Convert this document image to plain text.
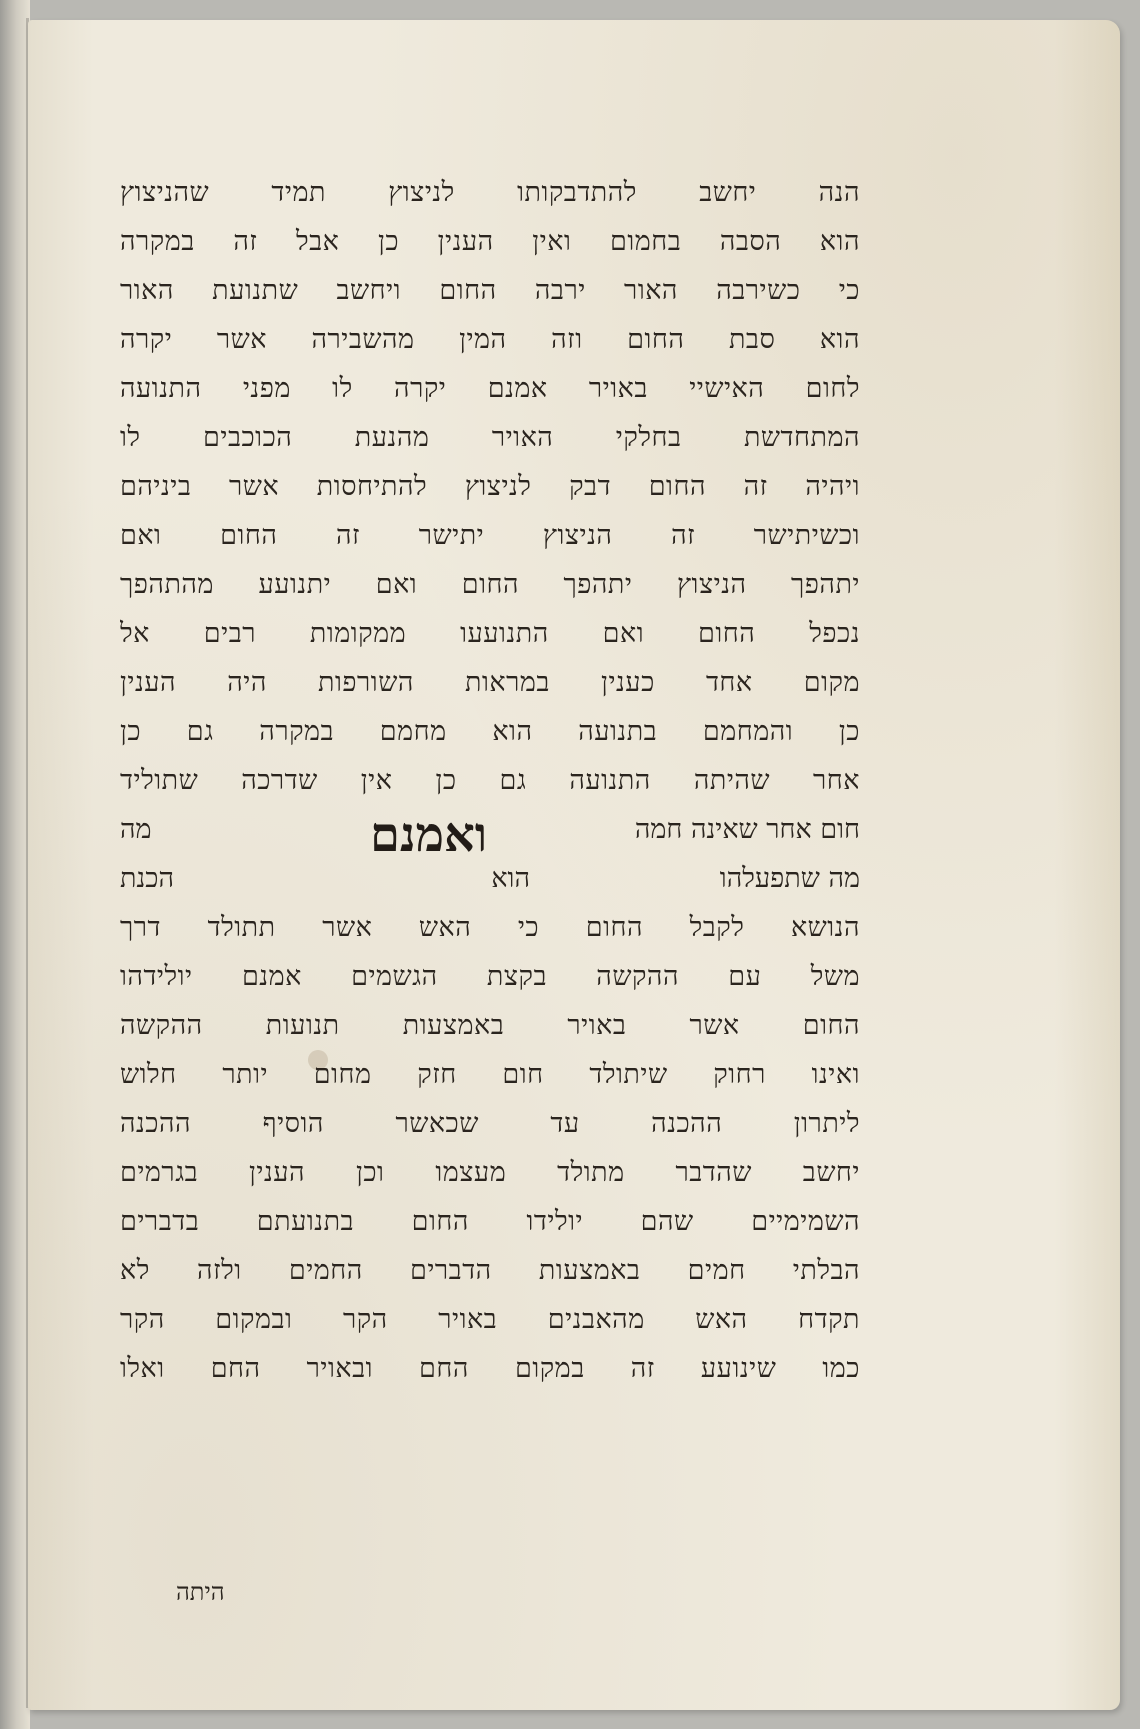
הנה יחשב להתדבקותו לניצוץ תמיד שהניצוץ
הוא הסבה בחמום ואין הענין כן אבל זה במקרה
כי כשירבה האור ירבה החום ויחשב שתנועת האור
הוא סבת החום וזה המין מהשבירה אשר יקרה
לחום האישיי באויר אמנם יקרה לו מפני התנועה
המתחדשת בחלקי האויר מהנעת הכוכבים לו
ויהיה זה החום דבק לניצוץ להתיחסות אשר ביניהם
וכשיתישר זה הניצוץ יתישר זה החום ואם
יתהפך הניצוץ יתהפך החום ואם יתנועע מהתהפך
נכפל החום ואם התנועעו ממקומות רבים אל
מקום אחד כענין במראות השורפות היה הענין
כן והמחמם בתנועה הוא מחמם במקרה גם כן
אחר שהיתה התנועה גם כן אין שדרכה שתוליד
חום אחר שאינה חמה
מה	ואמנם
מה שתפעלהו
הוא
הכנת
הנושא לקבל החום כי האש אשר תתולד דרך
משל עם ההקשה בקצת הגשמים אמנם יולידהו
החום אשר באויר באמצעות תנועות ההקשה
ואינו רחוק שיתולד חום חזק מחום יותר חלוש
ליתרון ההכנה עד שכאשר הוסיף ההכנה
יחשב שהדבר מתולד מעצמו וכן הענין בגרמים
השמימיים שהם יולידו החום בתנועתם בדברים
הבלתי חמים באמצעות הדברים החמים ולזה לא
תקדח האש מהאבנים באויר הקר ובמקום הקר
כמו שינועע זה במקום החם ובאויר החם ואלו
היתה
